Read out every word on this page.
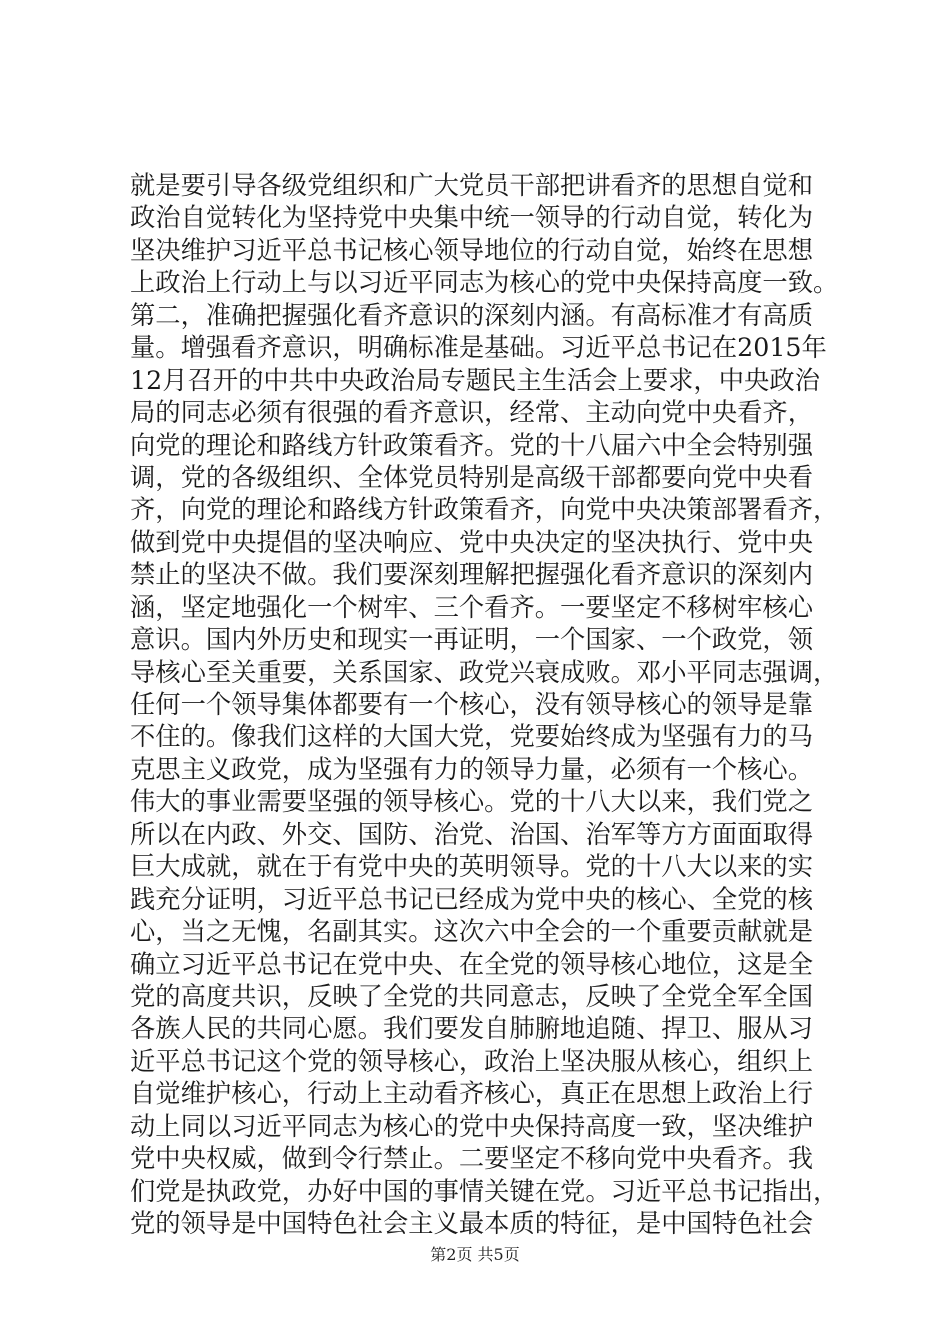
就是要引导各级党组织和广大党员干部把讲看齐的思想自觉和
政治自觉转化为坚持党中央集中统一领导的行动自觉，转化为
坚决维护习近平总书记核心领导地位的行动自觉，始终在思想
上政治上行动上与以习近平同志为核心的党中央保持高度一致。
第二，准确把握强化看齐意识的深刻内涵。有高标准才有高质
量。增强看齐意识，明确标准是基础。习近平总书记在2015年
12月召开的中共中央政治局专题民主生活会上要求，中央政治
局的同志必须有很强的看齐意识，经常、主动向党中央看齐，
向党的理论和路线方针政策看齐。党的十八届六中全会特别强
调，党的各级组织、全体党员特别是高级干部都要向党中央看
齐，向党的理论和路线方针政策看齐，向党中央决策部署看齐，
做到党中央提倡的坚决响应、党中央决定的坚决执行、党中央
禁止的坚决不做。我们要深刻理解把握强化看齐意识的深刻内
涵，坚定地强化一个树牢、三个看齐。一要坚定不移树牢核心
意识。国内外历史和现实一再证明，一个国家、一个政党，领
导核心至关重要，关系国家、政党兴衰成败。邓小平同志强调，
任何一个领导集体都要有一个核心，没有领导核心的领导是靠
不住的。像我们这样的大国大党，党要始终成为坚强有力的马
克思主义政党，成为坚强有力的领导力量，必须有一个核心。
伟大的事业需要坚强的领导核心。党的十八大以来，我们党之
所以在内政、外交、国防、治党、治国、治军等方方面面取得
巨大成就，就在于有党中央的英明领导。党的十八大以来的实
践充分证明，习近平总书记已经成为党中央的核心、全党的核
心，当之无愧，名副其实。这次六中全会的一个重要贡献就是
确立习近平总书记在党中央、在全党的领导核心地位，这是全
党的高度共识，反映了全党的共同意志，反映了全党全军全国
各族人民的共同心愿。我们要发自肺腑地追随、捍卫、服从习
近平总书记这个党的领导核心，政治上坚决服从核心，组织上
自觉维护核心，行动上主动看齐核心，真正在思想上政治上行
动上同以习近平同志为核心的党中央保持高度一致，坚决维护
党中央权威，做到令行禁止。二要坚定不移向党中央看齐。我
们党是执政党，办好中国的事情关键在党。习近平总书记指出，
党的领导是中国特色社会主义最本质的特征，是中国特色社会
第2页 共5页
